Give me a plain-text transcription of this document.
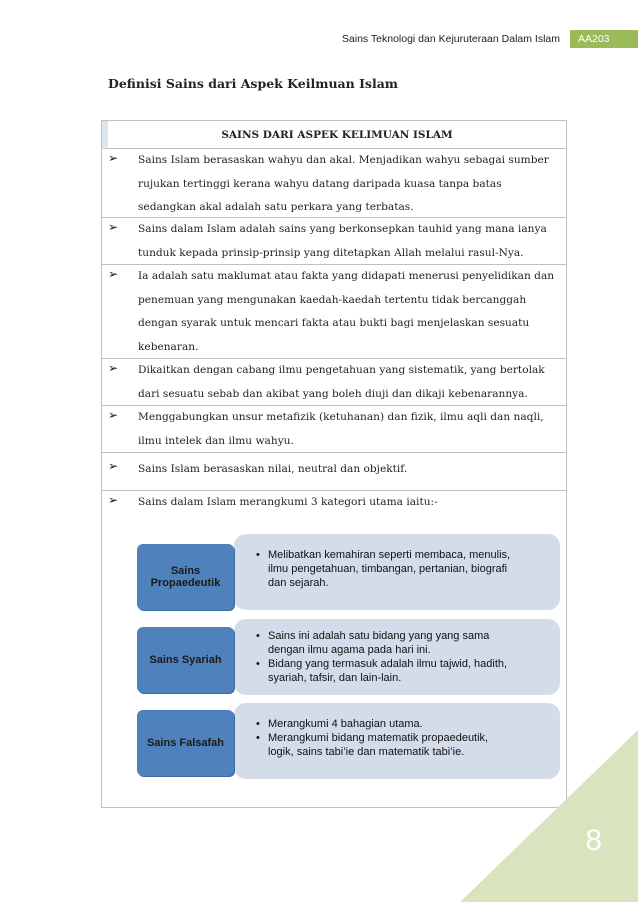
Sains Teknologi dan Kejuruteraan Dalam Islam	AA203
Definisi Sains dari Aspek Keilmuan Islam
SAINS DARI ASPEK KELIMUAN ISLAM
➢ Sains Islam berasaskan wahyu dan akal. Menjadikan wahyu sebagai sumber
rujukan tertinggi kerana wahyu datang daripada kuasa tanpa batas
sedangkan akal adalah satu perkara yang terbatas.
➢ Sains dalam Islam adalah sains yang berkonsepkan tauhid yang mana ianya
tunduk kepada prinsip-prinsip yang ditetapkan Allah melalui rasul-Nya.
➢ Ia adalah satu maklumat atau fakta yang didapati menerusi penyelidikan dan
penemuan yang mengunakan kaedah-kaedah tertentu tidak bercanggah
dengan syarak untuk mencari fakta atau bukti bagi menjelaskan sesuatu
kebenaran.
➢ Dikaitkan dengan cabang ilmu pengetahuan yang sistematik, yang bertolak
dari sesuatu sebab dan akibat yang boleh diuji dan dikaji kebenarannya.
➢ Menggabungkan unsur metafizik (ketuhanan) dan fizik, ilmu aqli dan naqli,
ilmu intelek dan ilmu wahyu.
➢ Sains Islam berasaskan nilai, neutral dan objektif.
➢ Sains dalam Islam merangkumi 3 kategori utama iaitu:-
• Melibatkan kemahiran seperti membaca, menulis,
ilmu pengetahuan, timbangan, pertanian, biografi
dan sejarah.
Sains
Propaedeutik
• Sains ini adalah satu bidang yang yang sama
dengan ilmu agama pada hari ini.
• Bidang yang termasuk adalah ilmu tajwid, hadith,
syariah, tafsir, dan lain-lain.
Sains Syariah
• Merangkumi 4 bahagian utama.
• Merangkumi bidang matematik propaedeutik,
logik, sains tabi’ie dan matematik tabi’ie.
Sains Falsafah
8
